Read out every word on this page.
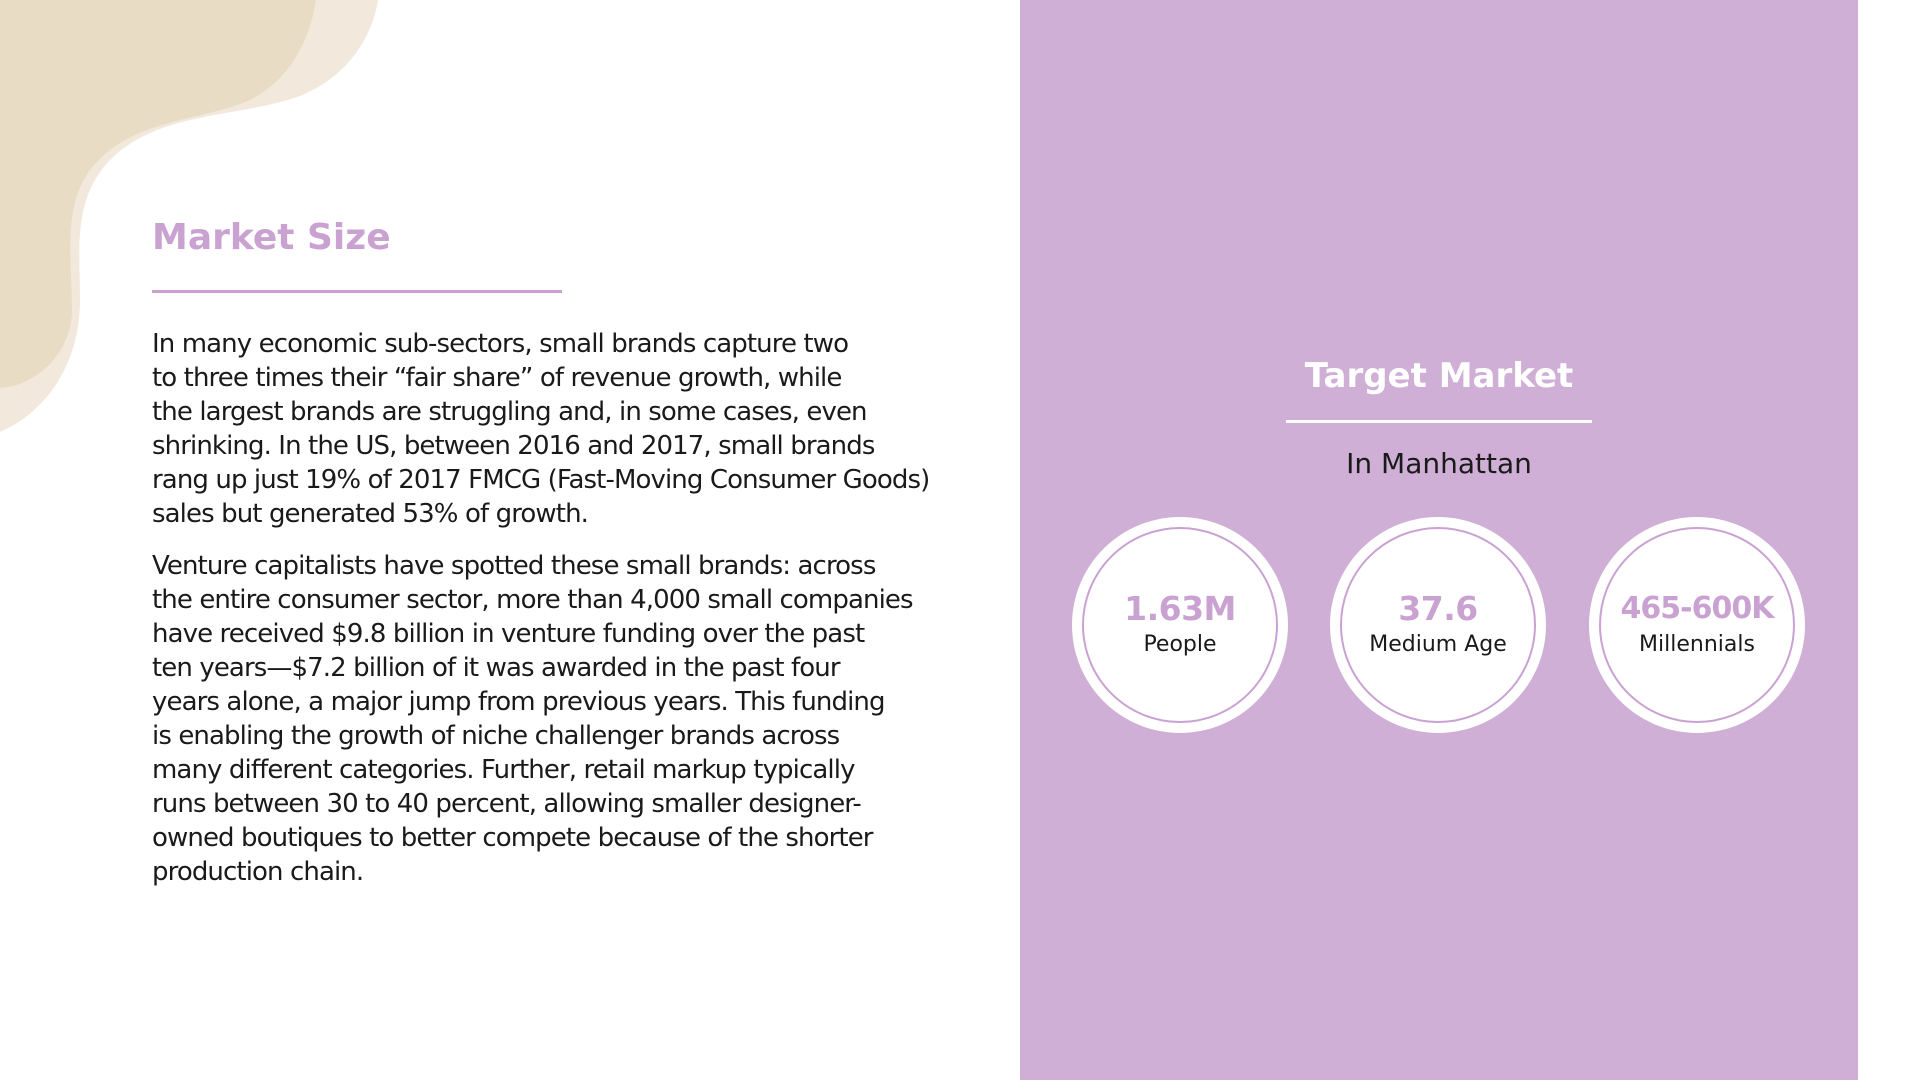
Market Size

In many economic sub-sectors, small brands capture two
to three times their “fair share” of revenue growth, while
the largest brands are struggling and, in some cases, even
shrinking. In the US, between 2016 and 2017, small brands
rang up just 19% of 2017 FMCG (Fast-Moving Consumer Goods)
sales but generated 53% of growth.

Venture capitalists have spotted these small brands: across
the entire consumer sector, more than 4,000 small companies
have received $9.8 billion in venture funding over the past
ten years—$7.2 billion of it was awarded in the past four
years alone, a major jump from previous years. This funding
is enabling the growth of niche challenger brands across
many different categories. Further, retail markup typically
runs between 30 to 40 percent, allowing smaller designer-
owned boutiques to better compete because of the shorter
production chain.

Target Market

In Manhattan

1.63M
People
37.6
Medium Age
465-600K
Millennials
